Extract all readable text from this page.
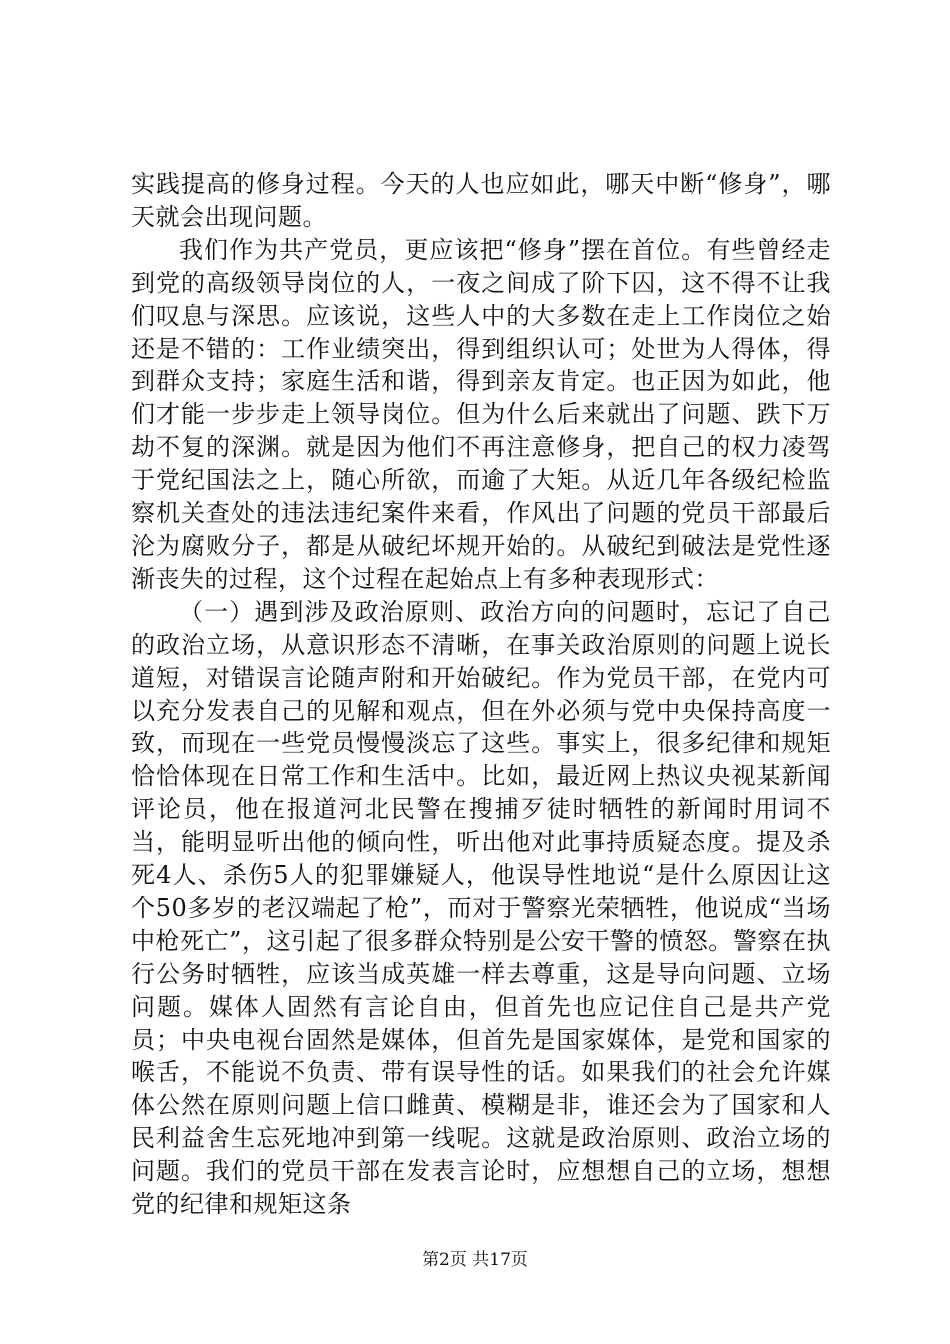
实践提高的修身过程。今天的人也应如此，哪天中断“修身”，哪天就会出现问题。

我们作为共产党员，更应该把“修身”摆在首位。有些曾经走到党的高级领导岗位的人，一夜之间成了阶下囚，这不得不让我们叹息与深思。应该说，这些人中的大多数在走上工作岗位之始还是不错的：工作业绩突出，得到组织认可；处世为人得体，得到群众支持；家庭生活和谐，得到亲友肯定。也正因为如此，他们才能一步步走上领导岗位。但为什么后来就出了问题、跌下万劫不复的深渊。就是因为他们不再注意修身，把自己的权力凌驾于党纪国法之上，随心所欲，而逾了大矩。从近几年各级纪检监察机关查处的违法违纪案件来看，作风出了问题的党员干部最后沦为腐败分子，都是从破纪坏规开始的。从破纪到破法是党性逐渐丧失的过程，这个过程在起始点上有多种表现形式：

（一）遇到涉及政治原则、政治方向的问题时，忘记了自己的政治立场，从意识形态不清晰，在事关政治原则的问题上说长道短，对错误言论随声附和开始破纪。作为党员干部，在党内可以充分发表自己的见解和观点，但在外必须与党中央保持高度一致，而现在一些党员慢慢淡忘了这些。事实上，很多纪律和规矩恰恰体现在日常工作和生活中。比如，最近网上热议央视某新闻评论员，他在报道河北民警在搜捕歹徒时牺牲的新闻时用词不当，能明显听出他的倾向性，听出他对此事持质疑态度。提及杀死4人、杀伤5人的犯罪嫌疑人，他误导性地说“是什么原因让这个50多岁的老汉端起了枪”，而对于警察光荣牺牲，他说成“当场中枪死亡”，这引起了很多群众特别是公安干警的愤怒。警察在执行公务时牺牲，应该当成英雄一样去尊重，这是导向问题、立场问题。媒体人固然有言论自由，但首先也应记住自己是共产党员；中央电视台固然是媒体，但首先是国家媒体，是党和国家的喉舌，不能说不负责、带有误导性的话。如果我们的社会允许媒体公然在原则问题上信口雌黄、模糊是非，谁还会为了国家和人民利益舍生忘死地冲到第一线呢。这就是政治原则、政治立场的问题。我们的党员干部在发表言论时，应想想自己的立场，想想党的纪律和规矩这条

第2页 共17页
